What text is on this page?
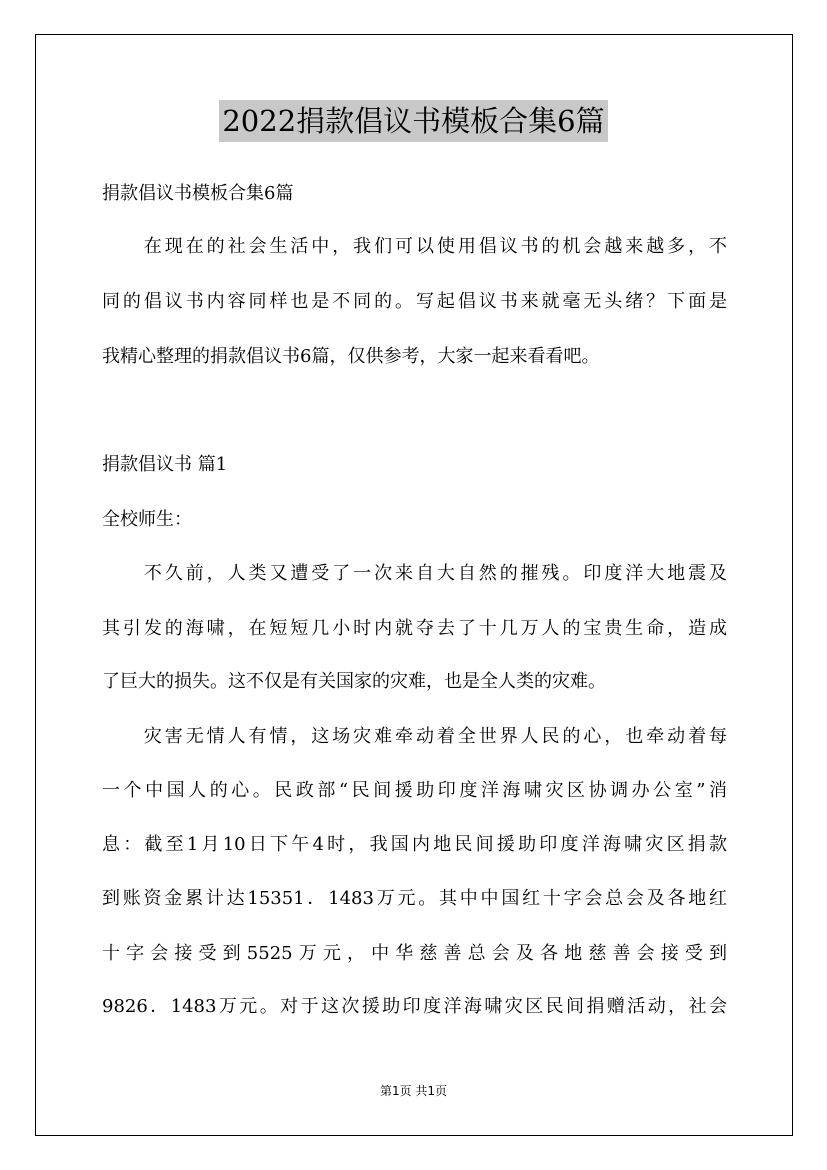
2022捐款倡议书模板合集6篇
捐款倡议书模板合集6篇
　　在现在的社会生活中，我们可以使用倡议书的机会越来越多，不
同的倡议书内容同样也是不同的。写起倡议书来就毫无头绪？下面是
我精心整理的捐款倡议书6篇，仅供参考，大家一起来看看吧。
捐款倡议书 篇1
全校师生：
　　不久前，人类又遭受了一次来自大自然的摧残。印度洋大地震及
其引发的海啸，在短短几小时内就夺去了十几万人的宝贵生命，造成
了巨大的损失。这不仅是有关国家的灾难，也是全人类的灾难。
　　灾害无情人有情，这场灾难牵动着全世界人民的心，也牵动着每
一个中国人的心。民政部“民间援助印度洋海啸灾区协调办公室”消
息：截至1月10日下午4时，我国内地民间援助印度洋海啸灾区捐款
到账资金累计达15351．1483万元。其中中国红十字会总会及各地红
十字会接受到5525万元，中华慈善总会及各地慈善会接受到
9826．1483万元。对于这次援助印度洋海啸灾区民间捐赠活动，社会
第1页 共1页
